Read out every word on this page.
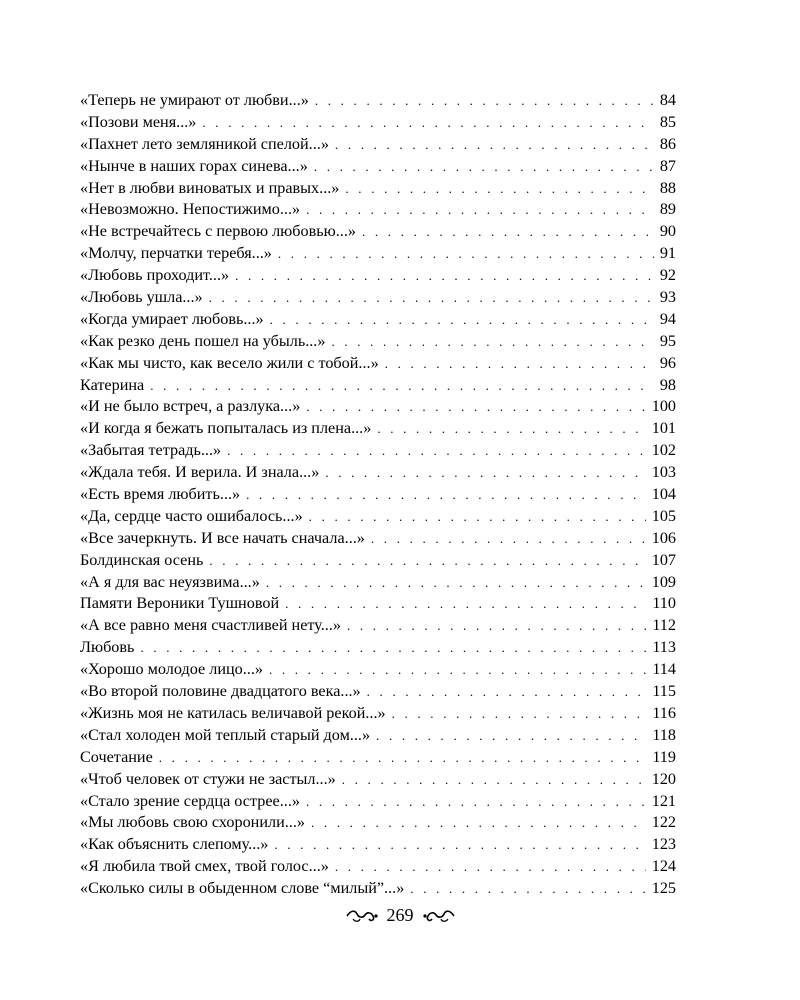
«Теперь не умирают от любви...» . . .	84
«Позови меня...» . . .	85
«Пахнет лето земляникой спелой...» . . .	86
«Нынче в наших горах синева...» . . .	87
«Нет в любви виноватых и правых...» . . .	88
«Невозможно. Непостижимо...» . . .	89
«Не встречайтесь с первою любовью...» . . .	90
«Молчу, перчатки теребя...» . . .	91
«Любовь проходит...» . . .	92
«Любовь ушла...» . . .	93
«Когда умирает любовь...» . . .	94
«Как резко день пошел на убыль...» . . .	95
«Как мы чисто, как весело жили с тобой...» . . .	96
Катерина . . .	98
«И не было встреч, а разлука...» . . .	100
«И когда я бежать попыталась из плена...» . . .	101
«Забытая тетрадь...» . . .	102
«Ждала тебя. И верила. И знала...» . . .	103
«Есть время любить...» . . .	104
«Да, сердце часто ошибалось...» . . .	105
«Все зачеркнуть. И все начать сначала...» . . .	106
Болдинская осень . . .	107
«А я для вас неуязвима...» . . .	109
Памяти Вероники Тушновой . . .	110
«А все равно меня счастливей нету...» . . .	112
Любовь . . .	113
«Хорошо молодое лицо...» . . .	114
«Во второй половине двадцатого века...» . . .	115
«Жизнь моя не катилась величавой рекой...» . . .	116
«Стал холоден мой теплый старый дом...» . . .	118
Сочетание . . .	119
«Чтоб человек от стужи не застыл...» . . .	120
«Стало зрение сердца острее...» . . .	121
«Мы любовь свою схоронили...» . . .	122
«Как объяснить слепому...» . . .	123
«Я любила твой смех, твой голос...» . . .	124
«Сколько силы в обыденном слове “милый”...» . . .	125
269
